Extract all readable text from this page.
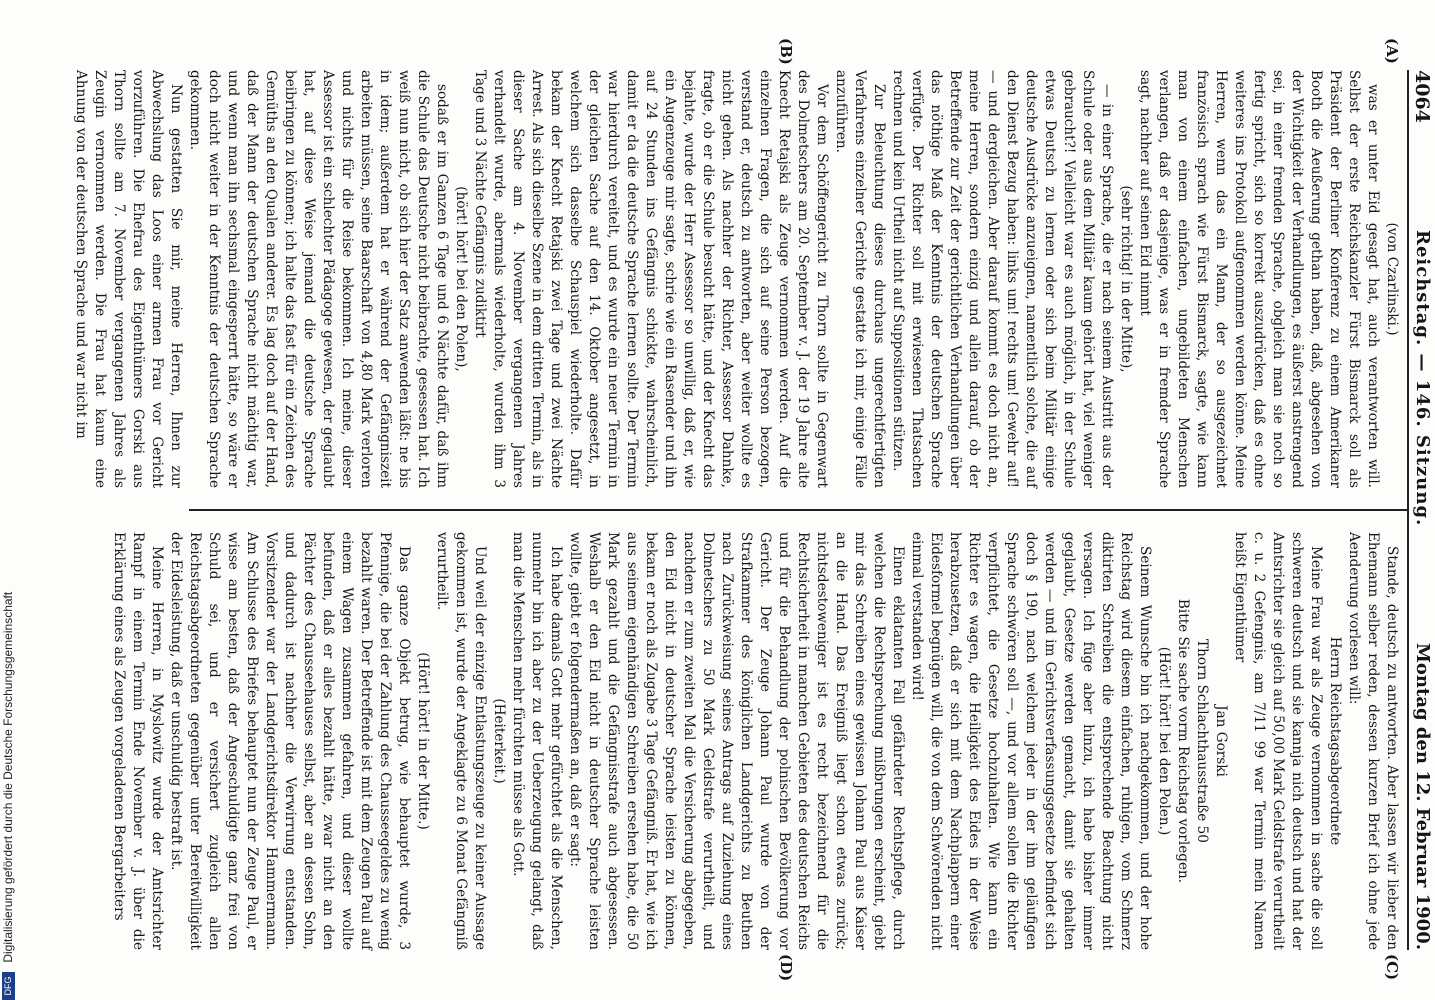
4064
Reichstag. — 146. Sitzung.
Montag den 12. Februar 1900.
(A)
(B)
(C)
(D)

(von Czarlinski.)

was er unter Eid gesagt hat, auch verantworten will. Selbst der erste Reichskanzler Fürst Bismarck soll als Präsident der Berliner Konferenz zu einem Amerikaner Booth die Aeußerung gethan haben, daß, abgesehen von der Wichtigkeit der Verhandlungen, es äußerst anstrengend sei, in einer fremden Sprache, obgleich man sie noch so fertig spricht, sich so korrekt auszudrücken, daß es ohne weiteres ins Protokoll aufgenommen werden könne. Meine Herren, wenn das ein Mann, der so ausgezeichnet französisch sprach wie Fürst Bismarck, sagte, wie kann man von einem einfachen, ungebildeten Menschen verlangen, daß er dasjenige, was er in fremder Sprache sagt, nachher auf seinen Eid nimmt

(sehr richtig! in der Mitte),

— in einer Sprache, die er nach seinem Austritt aus der Schule oder aus dem Militär kaum gehört hat, viel weniger gebraucht?! Vielleicht war es auch möglich, in der Schule etwas Deutsch zu lernen oder sich beim Militär einige deutsche Ausdrücke anzueignen, namentlich solche, die auf den Dienst Bezug haben: links um! rechts um! Gewehr auf! — und dergleichen. Aber darauf kommt es doch nicht an, meine Herren, sondern einzig und allein darauf, ob der Betreffende zur Zeit der gerichtlichen Verhandlungen über das nöthige Maß der Kenntnis der deutschen Sprache verfügte. Der Richter soll mit erwiesenen Thatsachen rechnen und kein Urtheil nicht auf Suppositionen stützen.

Zur Beleuchtung dieses durchaus ungerechtfertigten Verfahrens einzelner Gerichte gestatte ich mir, einige Fälle anzuführen.

Vor dem Schöffengericht zu Thorn sollte in Gegenwart des Dolmetschers am 20. September v. J. der 19 Jahre alte Knecht Retajski als Zeuge vernommen werden. Auf die einzelnen Fragen, die sich auf seine Person bezogen, verstand er, deutsch zu antworten, aber weiter wollte es nicht gehen. Als nachher der Richter, Assessor Dahnke, fragte, ob er die Schule besucht hätte, und der Knecht das bejahte, wurde der Herr Assessor so unwillig, daß er, wie ein Augenzeuge mir sagte, schrie wie ein Rasender und ihn auf 24 Stunden ins Gefängnis schickte, wahrscheinlich, damit er da die deutsche Sprache lernen sollte. Der Termin war hierdurch vereitelt, und es wurde ein neuer Termin in der gleichen Sache auf den 14. Oktober angesetzt, in welchem sich dasselbe Schauspiel wiederholte. Dafür bekam der Knecht Retajski zwei Tage und zwei Nächte Arrest. Als sich dieselbe Szene in dem dritten Termin, als in dieser Sache am 4. November vergangenen Jahres verhandelt wurde, abermals wiederholte, wurden ihm 3 Tage und 3 Nächte Gefängnis zudiktirt

(hört! hört! bei den Polen),

sodaß er im Ganzen 6 Tage und 6 Nächte dafür, daß ihm die Schule das Deutsche nicht beibrachte, gesessen hat. Ich weiß nun nicht, ob sich hier der Satz anwenden läßt: ne bis in idem; außerdem hat er während der Gefängniszeit arbeiten müssen, seine Baarschaft von 4,80 Mark verloren und nichts für die Reise bekommen. Ich meine, dieser Assessor ist ein schlechter Pädagoge gewesen, der geglaubt hat, auf diese Weise jemand die deutsche Sprache beibringen zu können; ich halte das fast für ein Zeichen des Gemüths an den Qualen anderer. Es lag doch auf der Hand, daß der Mann der deutschen Sprache nicht mächtig war, und wenn man ihn sechsmal eingesperrt hätte, so wäre er doch nicht weiter in der Kenntnis der deutschen Sprache gekommen.

Nun gestatten Sie mir, meine Herren, Ihnen zur Abwechslung das Loos einer armen Frau vor Gericht vorzuführen. Die Ehefrau des Eigenthümers Gorski aus Thorn sollte am 7. November vergangenen Jahres als Zeugin vernommen werden. Die Frau hat kaum eine Ahnung von der deutschen Sprache und war nicht im

Stande, deutsch zu antworten. Aber lassen wir lieber den Ehemann selber reden, dessen kurzen Brief ich ohne jede Aenderung vorlesen will:

Herrn Reichstagsabgeordnete

Meine Frau war als Zeuge vernommen in sache die soll schweren deutsch und sie kannja nich deutsch und hat der Amtsrichter sie gleich auf 50,00 Mark Geldstrafe verurtheilt c. u. 2 Gefengnis, am 7/11 99 war Termin mein Namen heißt Eigenthümer

Jan Gorski

Thorn Schlachthausstraße 50

Bitte Sie sache vorm Reichstag vorlegen.

(Hört! hört! bei den Polen.)

Seinem Wunsche bin ich nachgekommen, und der hohe Reichstag wird diesem einfachen, ruhigen, vom Schmerz diktirten Schreiben die entsprechende Beachtung nicht versagen. Ich füge aber hinzu, ich habe bisher immer geglaubt, Gesetze werden gemacht, damit sie gehalten werden — und im Gerichtsverfassungsgesetze befindet sich doch § 190, nach welchem jeder in der ihm geläufigen Sprache schwören soll —, und vor allem sollen die Richter verpflichtet, die Gesetze hochzuhalten. Wie kann ein Richter es wagen, die Heiligkeit des Eides in der Weise herabzusetzen, daß er sich mit dem Nachplappern einer Eidesformel begnügen will, die von dem Schwörenden nicht einmal verstanden wird!

Einen eklatanten Fall gefährdeter Rechtspflege, durch welchen die Rechtsprechung mißbrungen erscheint, giebt mir das Schreiben eines gewissen Johann Paul aus Kaiser an die Hand. Das Ereigniß liegt schon etwas zurück; nichtsdestoweniger ist es recht bezeichnend für die Rechtsicherheit in manchen Gebieten des deutschen Reichs und für die Behandlung der polnischen Bevölkerung vor Gericht. Der Zeuge Johann Paul wurde von der Strafkammer des königlichen Landgerichts zu Beuthen nach Zurückweisung seines Antrags auf Zuziehung eines Dolmetschers zu 50 Mark Geldstrafe verurtheilt, und nachdem er zum zweiten Mal die Versicherung abgegeben, den Eid nicht in deutscher Sprache leisten zu können, bekam er noch als Zugabe 3 Tage Gefängniß. Er hat, wie ich aus seinem eigenhändigen Schreiben ersehen habe, die 50 Mark gezahlt und die Gefängnisstrafe auch abgesessen. Weshalb er den Eid nicht in deutscher Sprache leisten wollte, giebt er folgendermaßen an, daß er sagt:

Ich habe damals Gott mehr gefürchtet als die Menschen, nunmehr bin ich aber zu der Ueberzeugung gelangt, daß man die Menschen mehr fürchten müsse als Gott.

(Heiterkeit.)

Und weil der einzige Entlastungszeuge zu keiner Aussage gekommen ist, wurde der Angeklagte zu 6 Monat Gefängniß verurtheilt.

(Hört! hört! in der Mitte.)

Das ganze Objekt betrug, wie behauptet wurde, 3 Pfennige, die bei der Zahlung des Chausseegeldes zu wenig bezahlt waren. Der Betreffende ist mit dem Zeugen Paul auf einem Wagen zusammen gefahren, und dieser wollte befunden, daß er alles bezahlt hätte, zwar nicht an den Pächter des Chausseehauses selbst, aber an dessen Sohn, und dadurch ist nachher die Verwirrung entstanden. Vorsitzender war der Landgerichtsdirektor Hammermann. Am Schlusse des Briefes behauptet nun der Zeuge Paul, er wisse am besten, daß der Angeschuldigte ganz frei von Schuld sei, und er versichert zugleich allen Reichstagsabgeordneten gegenüber unter Bereitwilligkeit der Eidesleistung, daß er unschuldig bestraft ist.

Meine Herren, in Myslowitz wurde der Amtsrichter Rampf in einem Termin Ende November v. J. über die Erklärung eines als Zeugen vorgeladenen Bergarbeiters

DFG Digitalisierung gefördert durch die Deutsche Forschungsgemeinschaft
